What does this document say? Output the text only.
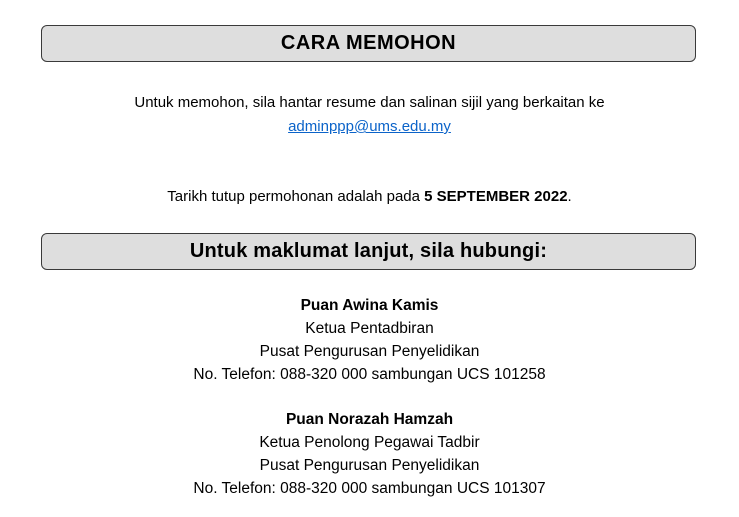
CARA MEMOHON
Untuk memohon, sila hantar resume dan salinan sijil yang berkaitan ke
adminppp@ums.edu.my
Tarikh tutup permohonan adalah pada 5 SEPTEMBER 2022.
Untuk maklumat lanjut, sila hubungi:
Puan Awina Kamis
Ketua Pentadbiran
Pusat Pengurusan Penyelidikan
No. Telefon: 088-320 000 sambungan UCS 101258
Puan Norazah Hamzah
Ketua Penolong Pegawai Tadbir
Pusat Pengurusan Penyelidikan
No. Telefon: 088-320 000 sambungan UCS 101307
